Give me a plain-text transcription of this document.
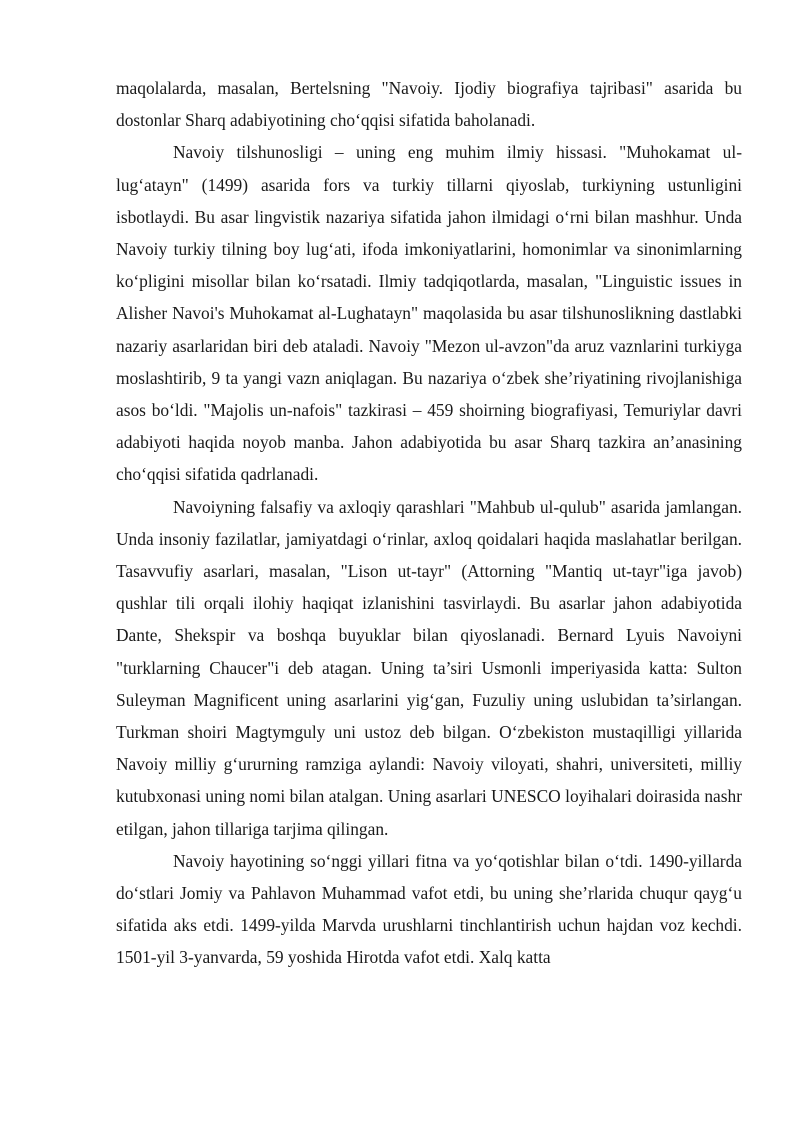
maqolalarda, masalan, Bertelsning "Navoiy. Ijodiy biografiya tajribasi" asarida bu dostonlar Sharq adabiyotining cho‘qqisi sifatida baholanadi.

Navoiy tilshunosligi – uning eng muhim ilmiy hissasi. "Muhokamat ul-lug‘atayn" (1499) asarida fors va turkiy tillarni qiyoslab, turkiyning ustunligini isbotlaydi. Bu asar lingvistik nazariya sifatida jahon ilmidagi o‘rni bilan mashhur. Unda Navoiy turkiy tilning boy lug‘ati, ifoda imkoniyatlarini, homonimlar va sinonimlarning ko‘pligini misollar bilan ko‘rsatadi. Ilmiy tadqiqotlarda, masalan, "Linguistic issues in Alisher Navoi's Muhokamat al-Lughatayn" maqolasida bu asar tilshunoslikning dastlabki nazariy asarlaridan biri deb ataladi. Navoiy "Mezon ul-avzon"da aruz vaznlarini turkiyga moslashtirib, 9 ta yangi vazn aniqlagan. Bu nazariya o‘zbek she’riyatining rivojlanishiga asos bo‘ldi. "Majolis un-nafois" tazkirasi – 459 shoirning biografiyasi, Temuriylar davri adabiyoti haqida noyob manba. Jahon adabiyotida bu asar Sharq tazkira an’anasining cho‘qqisi sifatida qadrlanadi.

Navoiyning falsafiy va axloqiy qarashlari "Mahbub ul-qulub" asarida jamlangan. Unda insoniy fazilatlar, jamiyatdagi o‘rinlar, axloq qoidalari haqida maslahatlar berilgan. Tasavvufiy asarlari, masalan, "Lison ut-tayr" (Attorning "Mantiq ut-tayr"iga javob) qushlar tili orqali ilohiy haqiqat izlanishini tasvirlaydi. Bu asarlar jahon adabiyotida Dante, Shekspir va boshqa buyuklar bilan qiyoslanadi. Bernard Lyuis Navoiyni "turklarning Chaucer"i deb atagan. Uning ta’siri Usmonli imperiyasida katta: Sulton Suleyman Magnificent uning asarlarini yig‘gan, Fuzuliy uning uslubidan ta’sirlangan. Turkman shoiri Magtymguly uni ustoz deb bilgan. O‘zbekiston mustaqilligi yillarida Navoiy milliy g‘ururning ramziga aylandi: Navoiy viloyati, shahri, universiteti, milliy kutubxonasi uning nomi bilan atalgan. Uning asarlari UNESCO loyihalari doirasida nashr etilgan, jahon tillariga tarjima qilingan.

Navoiy hayotining so‘nggi yillari fitna va yo‘qotishlar bilan o‘tdi. 1490-yillarda do‘stlari Jomiy va Pahlavon Muhammad vafot etdi, bu uning she’rlarida chuqur qayg‘u sifatida aks etdi. 1499-yilda Marvda urushlarni tinchlantirish uchun hajdan voz kechdi. 1501-yil 3-yanvarda, 59 yoshida Hirotda vafot etdi. Xalq katta
